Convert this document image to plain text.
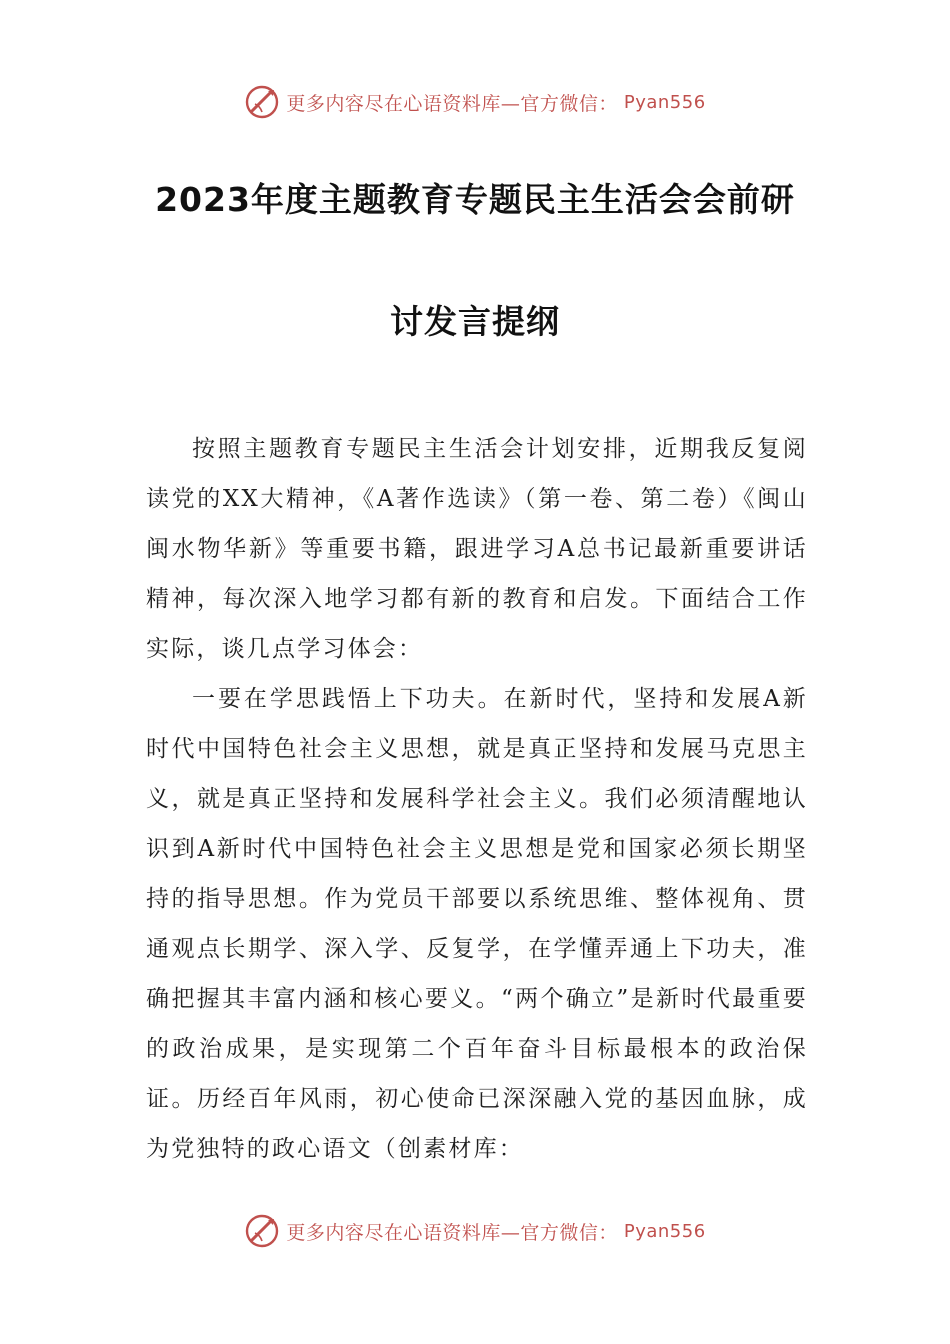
更多内容尽在心语资料库—官方微信： Pyan556
2023年度主题教育专题民主生活会会前研
讨发言提纲

按照主题教育专题民主生活会计划安排，近期我反复阅读党的XX大精神，《A著作选读》（第一卷、第二卷）《闽山闽水物华新》等重要书籍，跟进学习A总书记最新重要讲话精神，每次深入地学习都有新的教育和启发。下面结合工作实际，谈几点学习体会：

一要在学思践悟上下功夫。在新时代，坚持和发展A新时代中国特色社会主义思想，就是真正坚持和发展马克思主义，就是真正坚持和发展科学社会主义。我们必须清醒地认识到A新时代中国特色社会主义思想是党和国家必须长期坚持的指导思想。作为党员干部要以系统思维、整体视角、贯通观点长期学、深入学、反复学，在学懂弄通上下功夫，准确把握其丰富内涵和核心要义。“两个确立”是新时代最重要的政治成果，是实现第二个百年奋斗目标最根本的政治保证。历经百年风雨，初心使命已深深融入党的基因血脉，成为党独特的政心语文（创素材库：

更多内容尽在心语资料库—官方微信： Pyan556
